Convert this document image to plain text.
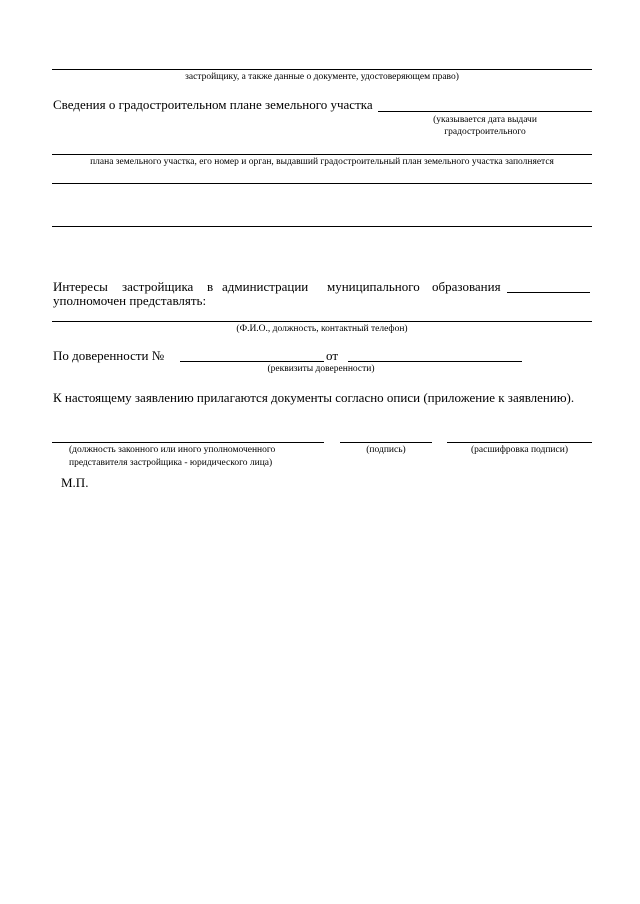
застройщику, а также данные о документе, удостоверяющем право)
Сведения о градостроительном плане земельного участка
(указывается дата выдачи
градостроительного
плана земельного участка, его номер и орган, выдавший градостроительный план земельного участка заполняется
Интересы застройщика в администрации муниципального образования
уполномочен представлять:
(Ф.И.О., должность, контактный телефон)
По доверенности №	от
(реквизиты доверенности)
К настоящему заявлению прилагаются документы согласно описи (приложение к заявлению).
(должность законного или иного уполномоченного
представителя застройщика - юридического лица)
(подпись)	(расшифровка подписи)
М.П.
